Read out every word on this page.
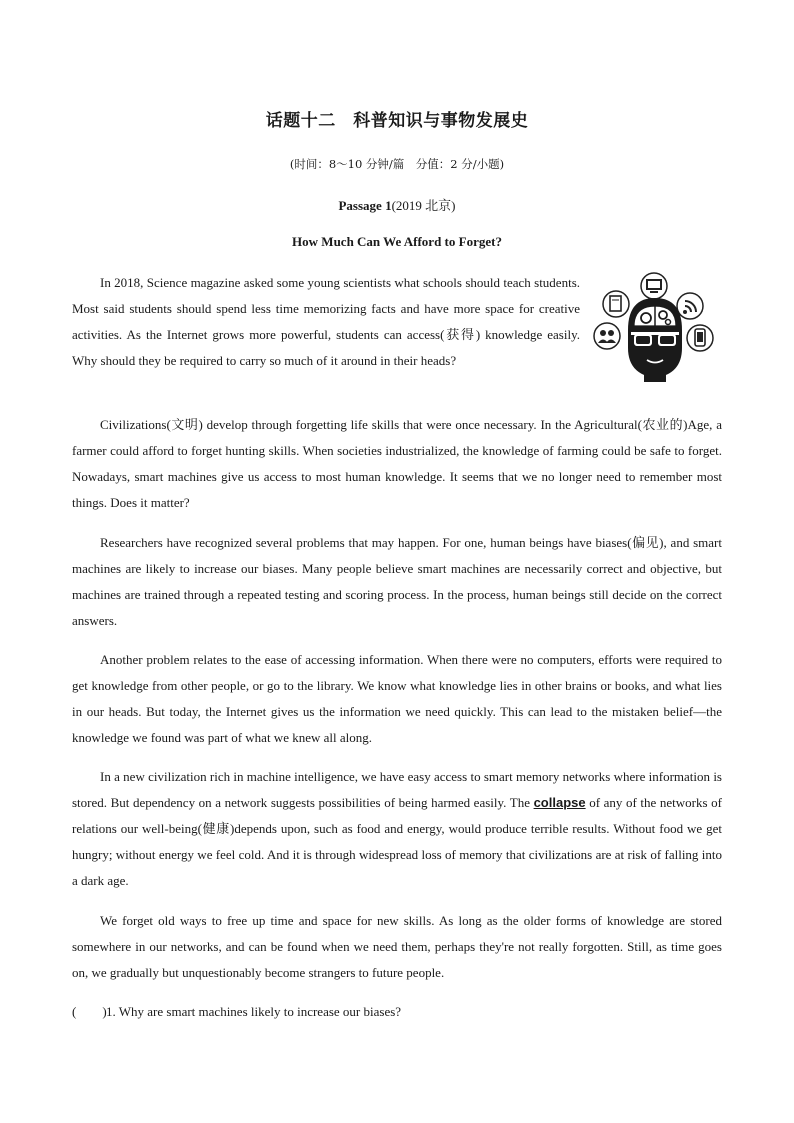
话题十二　科普知识与事物发展史
(时间：8～10 分钟/篇　分值：2 分/小题)
Passage 1(2019 北京)
How Much Can We Afford to Forget?

In 2018, Science magazine asked some young scientists what schools should teach students. Most said students should spend less time memorizing facts and have more space for creative activities. As the Internet grows more powerful, students can access(获得) knowledge easily. Why should they be required to carry so much of it around in their heads?

Civilizations(文明) develop through forgetting life skills that were once necessary. In the Agricultural(农业的)Age, a farmer could afford to forget hunting skills. When societies industrialized, the knowledge of farming could be safe to forget. Nowadays, smart machines give us access to most human knowledge. It seems that we no longer need to remember most things. Does it matter?

Researchers have recognized several problems that may happen. For one, human beings have biases(偏见), and smart machines are likely to increase our biases. Many people believe smart machines are necessarily correct and objective, but machines are trained through a repeated testing and scoring process. In the process, human beings still decide on the correct answers.

Another problem relates to the ease of accessing information. When there were no computers, efforts were required to get knowledge from other people, or go to the library. We know what knowledge lies in other brains or books, and what lies in our heads. But today, the Internet gives us the information we need quickly. This can lead to the mistaken belief—the knowledge we found was part of what we knew all along.

In a new civilization rich in machine intelligence, we have easy access to smart memory networks where information is stored. But dependency on a network suggests possibilities of being harmed easily. The collapse of any of the networks of relations our well-being(健康)depends upon, such as food and energy, would produce terrible results. Without food we get hungry; without energy we feel cold. And it is through widespread loss of memory that civilizations are at risk of falling into a dark age.

We forget old ways to free up time and space for new skills. As long as the older forms of knowledge are stored somewhere in our networks, and can be found when we need them, perhaps they're not really forgotten. Still, as time goes on, we gradually but unquestionably become strangers to future people.

(　　)1. Why are smart machines likely to increase our biases?
